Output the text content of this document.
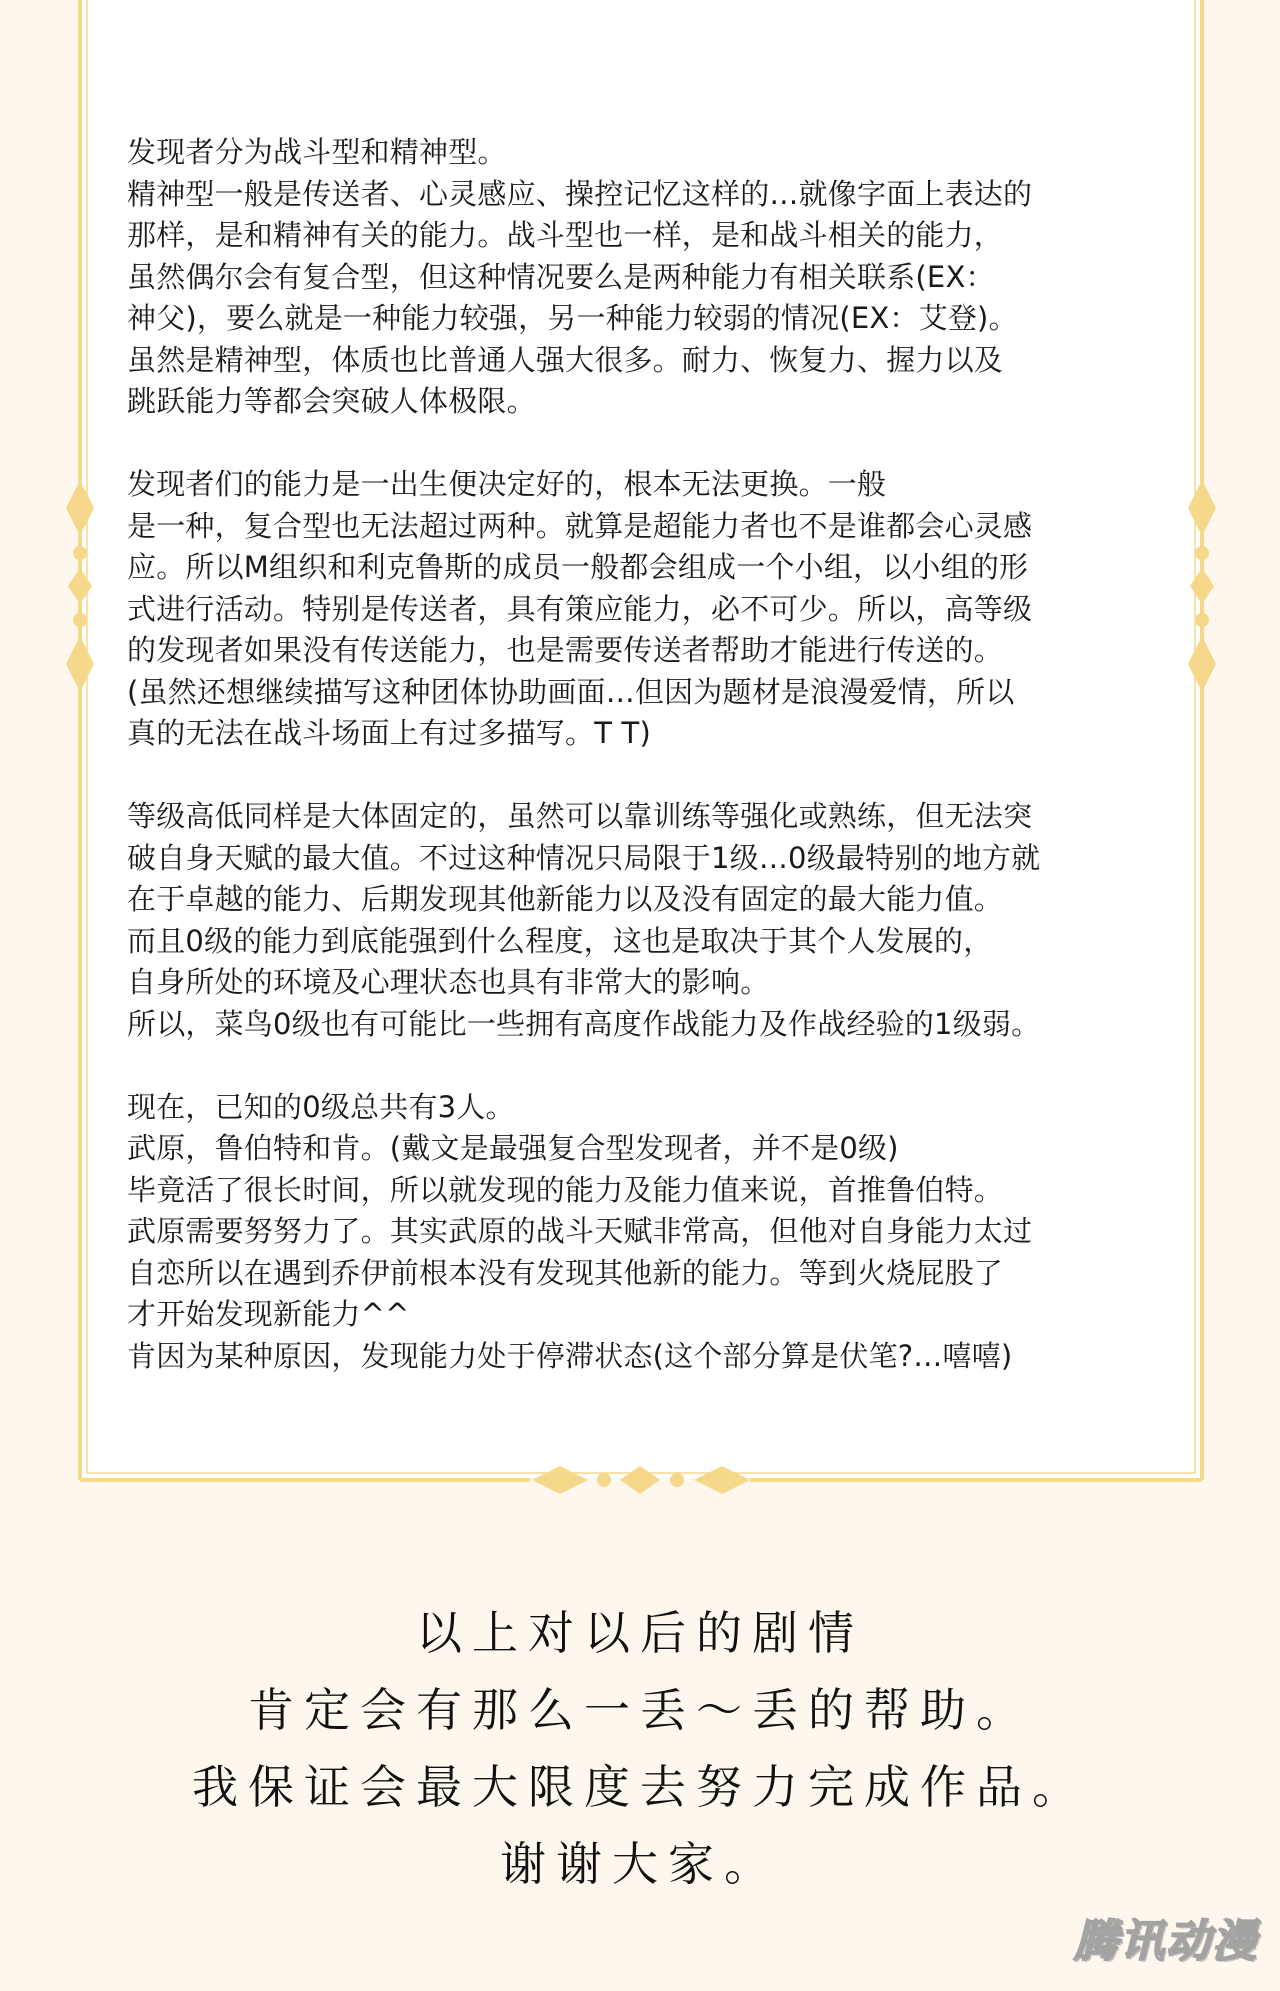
发现者分为战斗型和精神型。
精神型一般是传送者、心灵感应、操控记忆这样的…就像字面上表达的
那样，是和精神有关的能力。战斗型也一样，是和战斗相关的能力，
虽然偶尔会有复合型，但这种情况要么是两种能力有相关联系(EX：
神父)，要么就是一种能力较强，另一种能力较弱的情况(EX：艾登)。
虽然是精神型，体质也比普通人强大很多。耐力、恢复力、握力以及
跳跃能力等都会突破人体极限。

发现者们的能力是一出生便决定好的，根本无法更换。一般
是一种，复合型也无法超过两种。就算是超能力者也不是谁都会心灵感
应。所以M组织和利克鲁斯的成员一般都会组成一个小组，以小组的形
式进行活动。特别是传送者，具有策应能力，必不可少。所以，高等级
的发现者如果没有传送能力，也是需要传送者帮助才能进行传送的。
(虽然还想继续描写这种团体协助画面…但因为题材是浪漫爱情，所以
真的无法在战斗场面上有过多描写。T T)

等级高低同样是大体固定的，虽然可以靠训练等强化或熟练，但无法突
破自身天赋的最大值。不过这种情况只局限于1级…0级最特别的地方就
在于卓越的能力、后期发现其他新能力以及没有固定的最大能力值。
而且0级的能力到底能强到什么程度，这也是取决于其个人发展的，
自身所处的环境及心理状态也具有非常大的影响。
所以，菜鸟0级也有可能比一些拥有高度作战能力及作战经验的1级弱。

现在，已知的0级总共有3人。
武原，鲁伯特和肯。(戴文是最强复合型发现者，并不是0级)
毕竟活了很长时间，所以就发现的能力及能力值来说，首推鲁伯特。
武原需要努努力了。其实武原的战斗天赋非常高，但他对自身能力太过
自恋所以在遇到乔伊前根本没有发现其他新的能力。等到火烧屁股了
才开始发现新能力^^
肯因为某种原因，发现能力处于停滞状态(这个部分算是伏笔?…嘻嘻)

以上对以后的剧情
肯定会有那么一丢～丢的帮助。
我保证会最大限度去努力完成作品。
谢谢大家。
腾讯动漫
